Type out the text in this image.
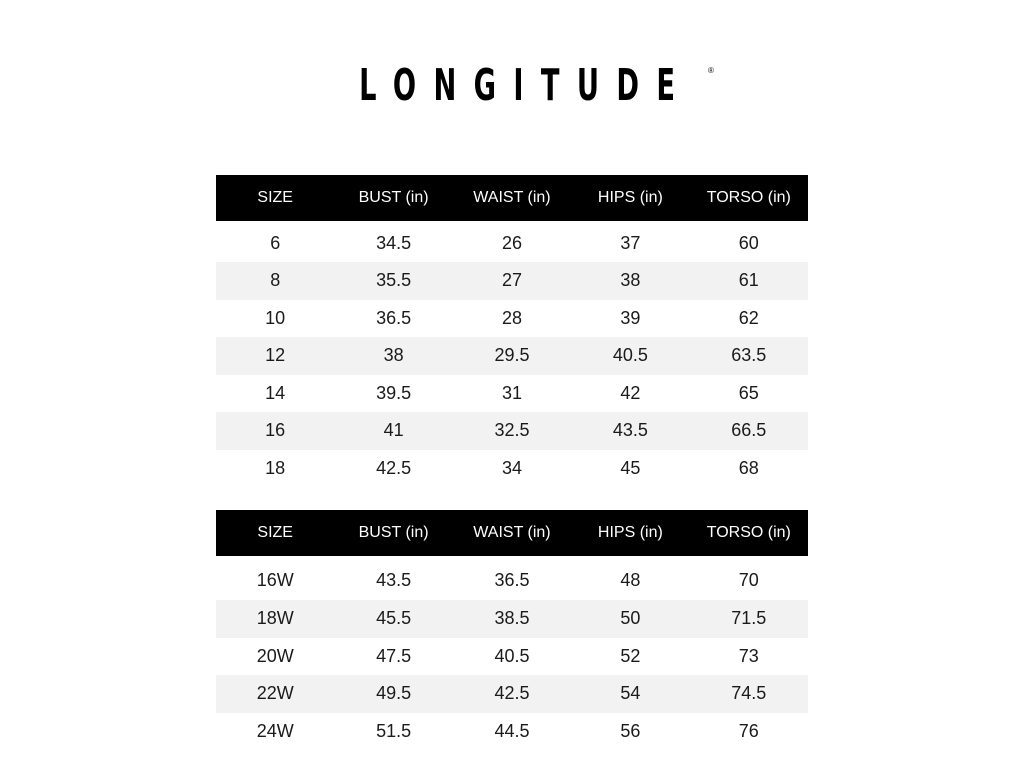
LONGITUDE	®
SIZE	BUST (in)	WAIST (in)	HIPS (in)	TORSO (in)
6	34.5	26	37	60
8	35.5	27	38	61
10	36.5	28	39	62
12	38	29.5	40.5	63.5
14	39.5	31	42	65
16	41	32.5	43.5	66.5
18	42.5	34	45	68
SIZE	BUST (in)	WAIST (in)	HIPS (in)	TORSO (in)
16W	43.5	36.5	48	70
18W	45.5	38.5	50	71.5
20W	47.5	40.5	52	73
22W	49.5	42.5	54	74.5
24W	51.5	44.5	56	76
